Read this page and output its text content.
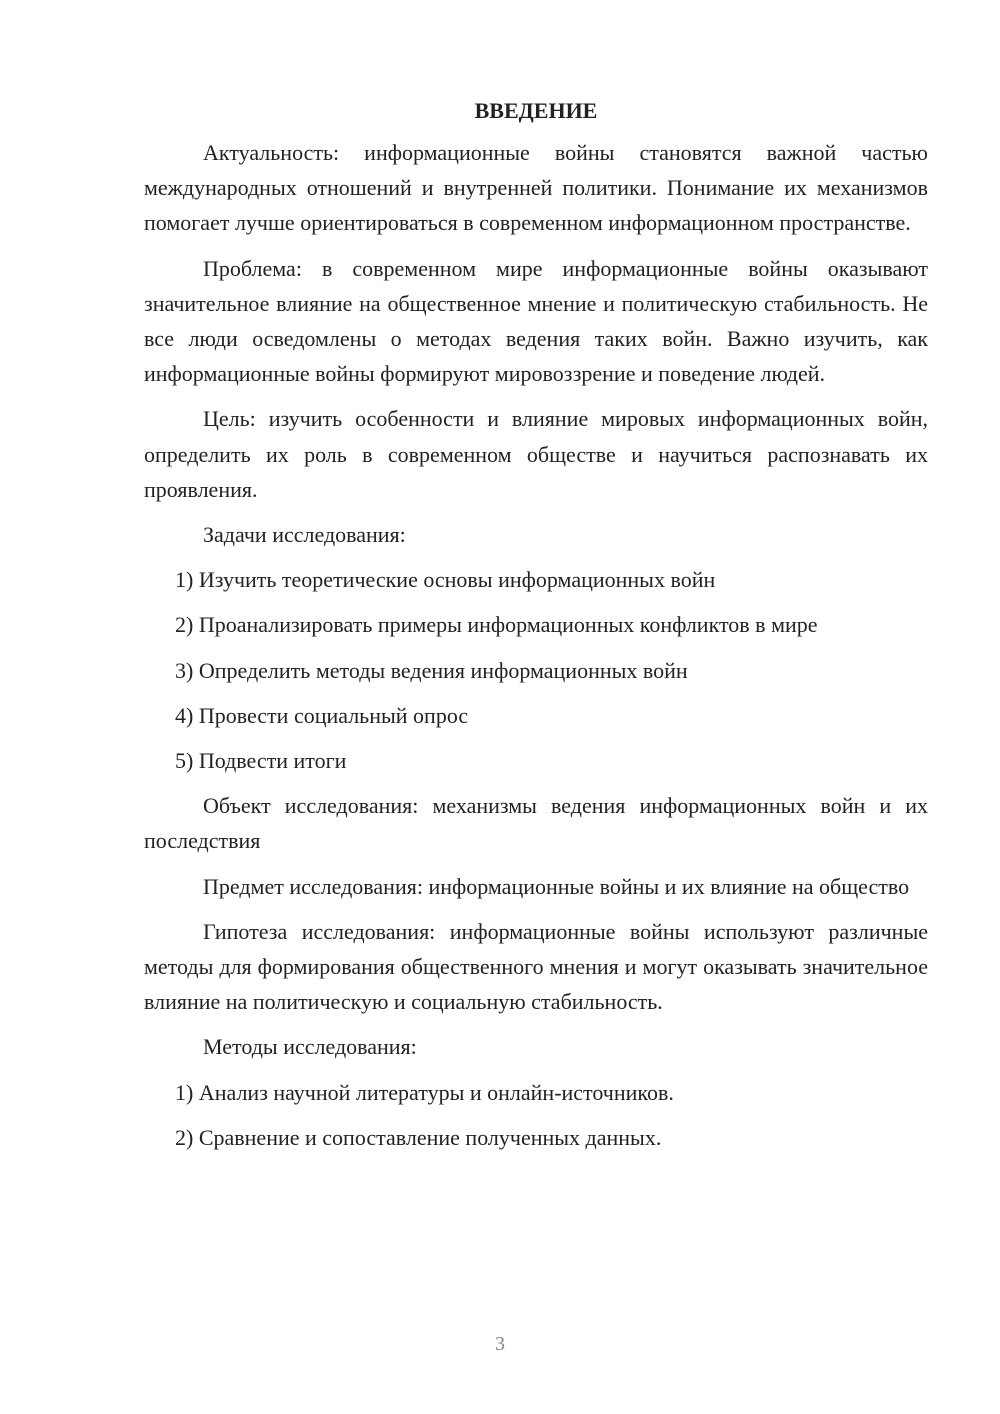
ВВЕДЕНИЕ

Актуальность: информационные войны становятся важной частью международных отношений и внутренней политики. Понимание их механизмов помогает лучше ориентироваться в современном информационном пространстве.

Проблема: в современном мире информационные войны оказывают значительное влияние на общественное мнение и политическую стабильность. Не все люди осведомлены о методах ведения таких войн. Важно изучить, как информационные войны формируют мировоззрение и поведение людей.

Цель: изучить особенности и влияние мировых информационных войн, определить их роль в современном обществе и научиться распознавать их проявления.

Задачи исследования:

1) Изучить теоретические основы информационных войн

2) Проанализировать примеры информационных конфликтов в мире

3) Определить методы ведения информационных войн

4) Провести социальный опрос

5) Подвести итоги

Объект исследования: механизмы ведения информационных войн и их последствия

Предмет исследования: информационные войны и их влияние на общество

Гипотеза исследования: информационные войны используют различные методы для формирования общественного мнения и могут оказывать значительное влияние на политическую и социальную стабильность.

Методы исследования:

1) Анализ научной литературы и онлайн-источников.

2) Сравнение и сопоставление полученных данных.

3
